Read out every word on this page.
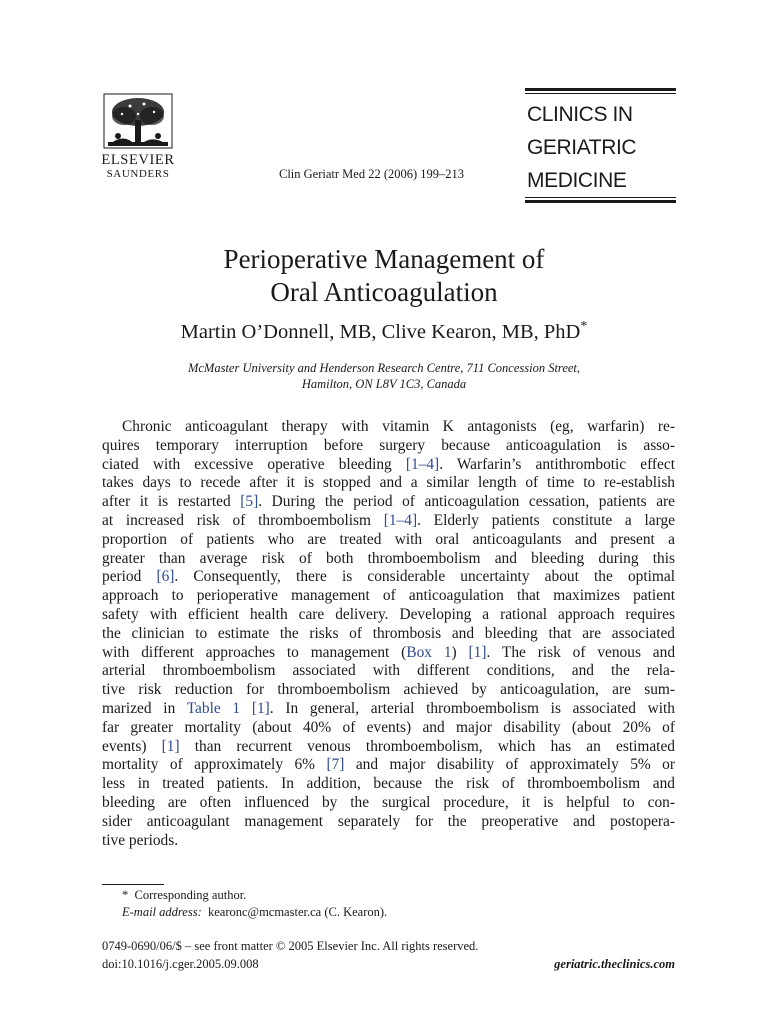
ELSEVIER
SAUNDERS	Clin Geriatr Med 22 (2006) 199–213
CLINICS IN
GERIATRIC
MEDICINE
Perioperative Management of
Oral Anticoagulation
Martin O’Donnell, MB, Clive Kearon, MB, PhD*
McMaster University and Henderson Research Centre, 711 Concession Street,
Hamilton, ON L8V 1C3, Canada
Chronic anticoagulant therapy with vitamin K antagonists (eg, warfarin) re-
quires temporary interruption before surgery because anticoagulation is asso-
ciated with excessive operative bleeding [1–4]. Warfarin’s antithrombotic effect
takes days to recede after it is stopped and a similar length of time to re-establish
after it is restarted [5]. During the period of anticoagulation cessation, patients are
at increased risk of thromboembolism [1–4]. Elderly patients constitute a large
proportion of patients who are treated with oral anticoagulants and present a
greater than average risk of both thromboembolism and bleeding during this
period [6]. Consequently, there is considerable uncertainty about the optimal
approach to perioperative management of anticoagulation that maximizes patient
safety with efficient health care delivery. Developing a rational approach requires
the clinician to estimate the risks of thrombosis and bleeding that are associated
with different approaches to management (Box 1) [1]. The risk of venous and
arterial thromboembolism associated with different conditions, and the rela-
tive risk reduction for thromboembolism achieved by anticoagulation, are sum-
marized in Table 1 [1]. In general, arterial thromboembolism is associated with
far greater mortality (about 40% of events) and major disability (about 20% of
events) [1] than recurrent venous thromboembolism, which has an estimated
mortality of approximately 6% [7] and major disability of approximately 5% or
less in treated patients. In addition, because the risk of thromboembolism and
bleeding are often influenced by the surgical procedure, it is helpful to con-
sider anticoagulant management separately for the preoperative and postopera-
tive periods.
* Corresponding author.
E-mail address: kearonc@mcmaster.ca (C. Kearon).
0749-0690/06/$ – see front matter © 2005 Elsevier Inc. All rights reserved.
doi:10.1016/j.cger.2005.09.008	geriatric.theclinics.com
